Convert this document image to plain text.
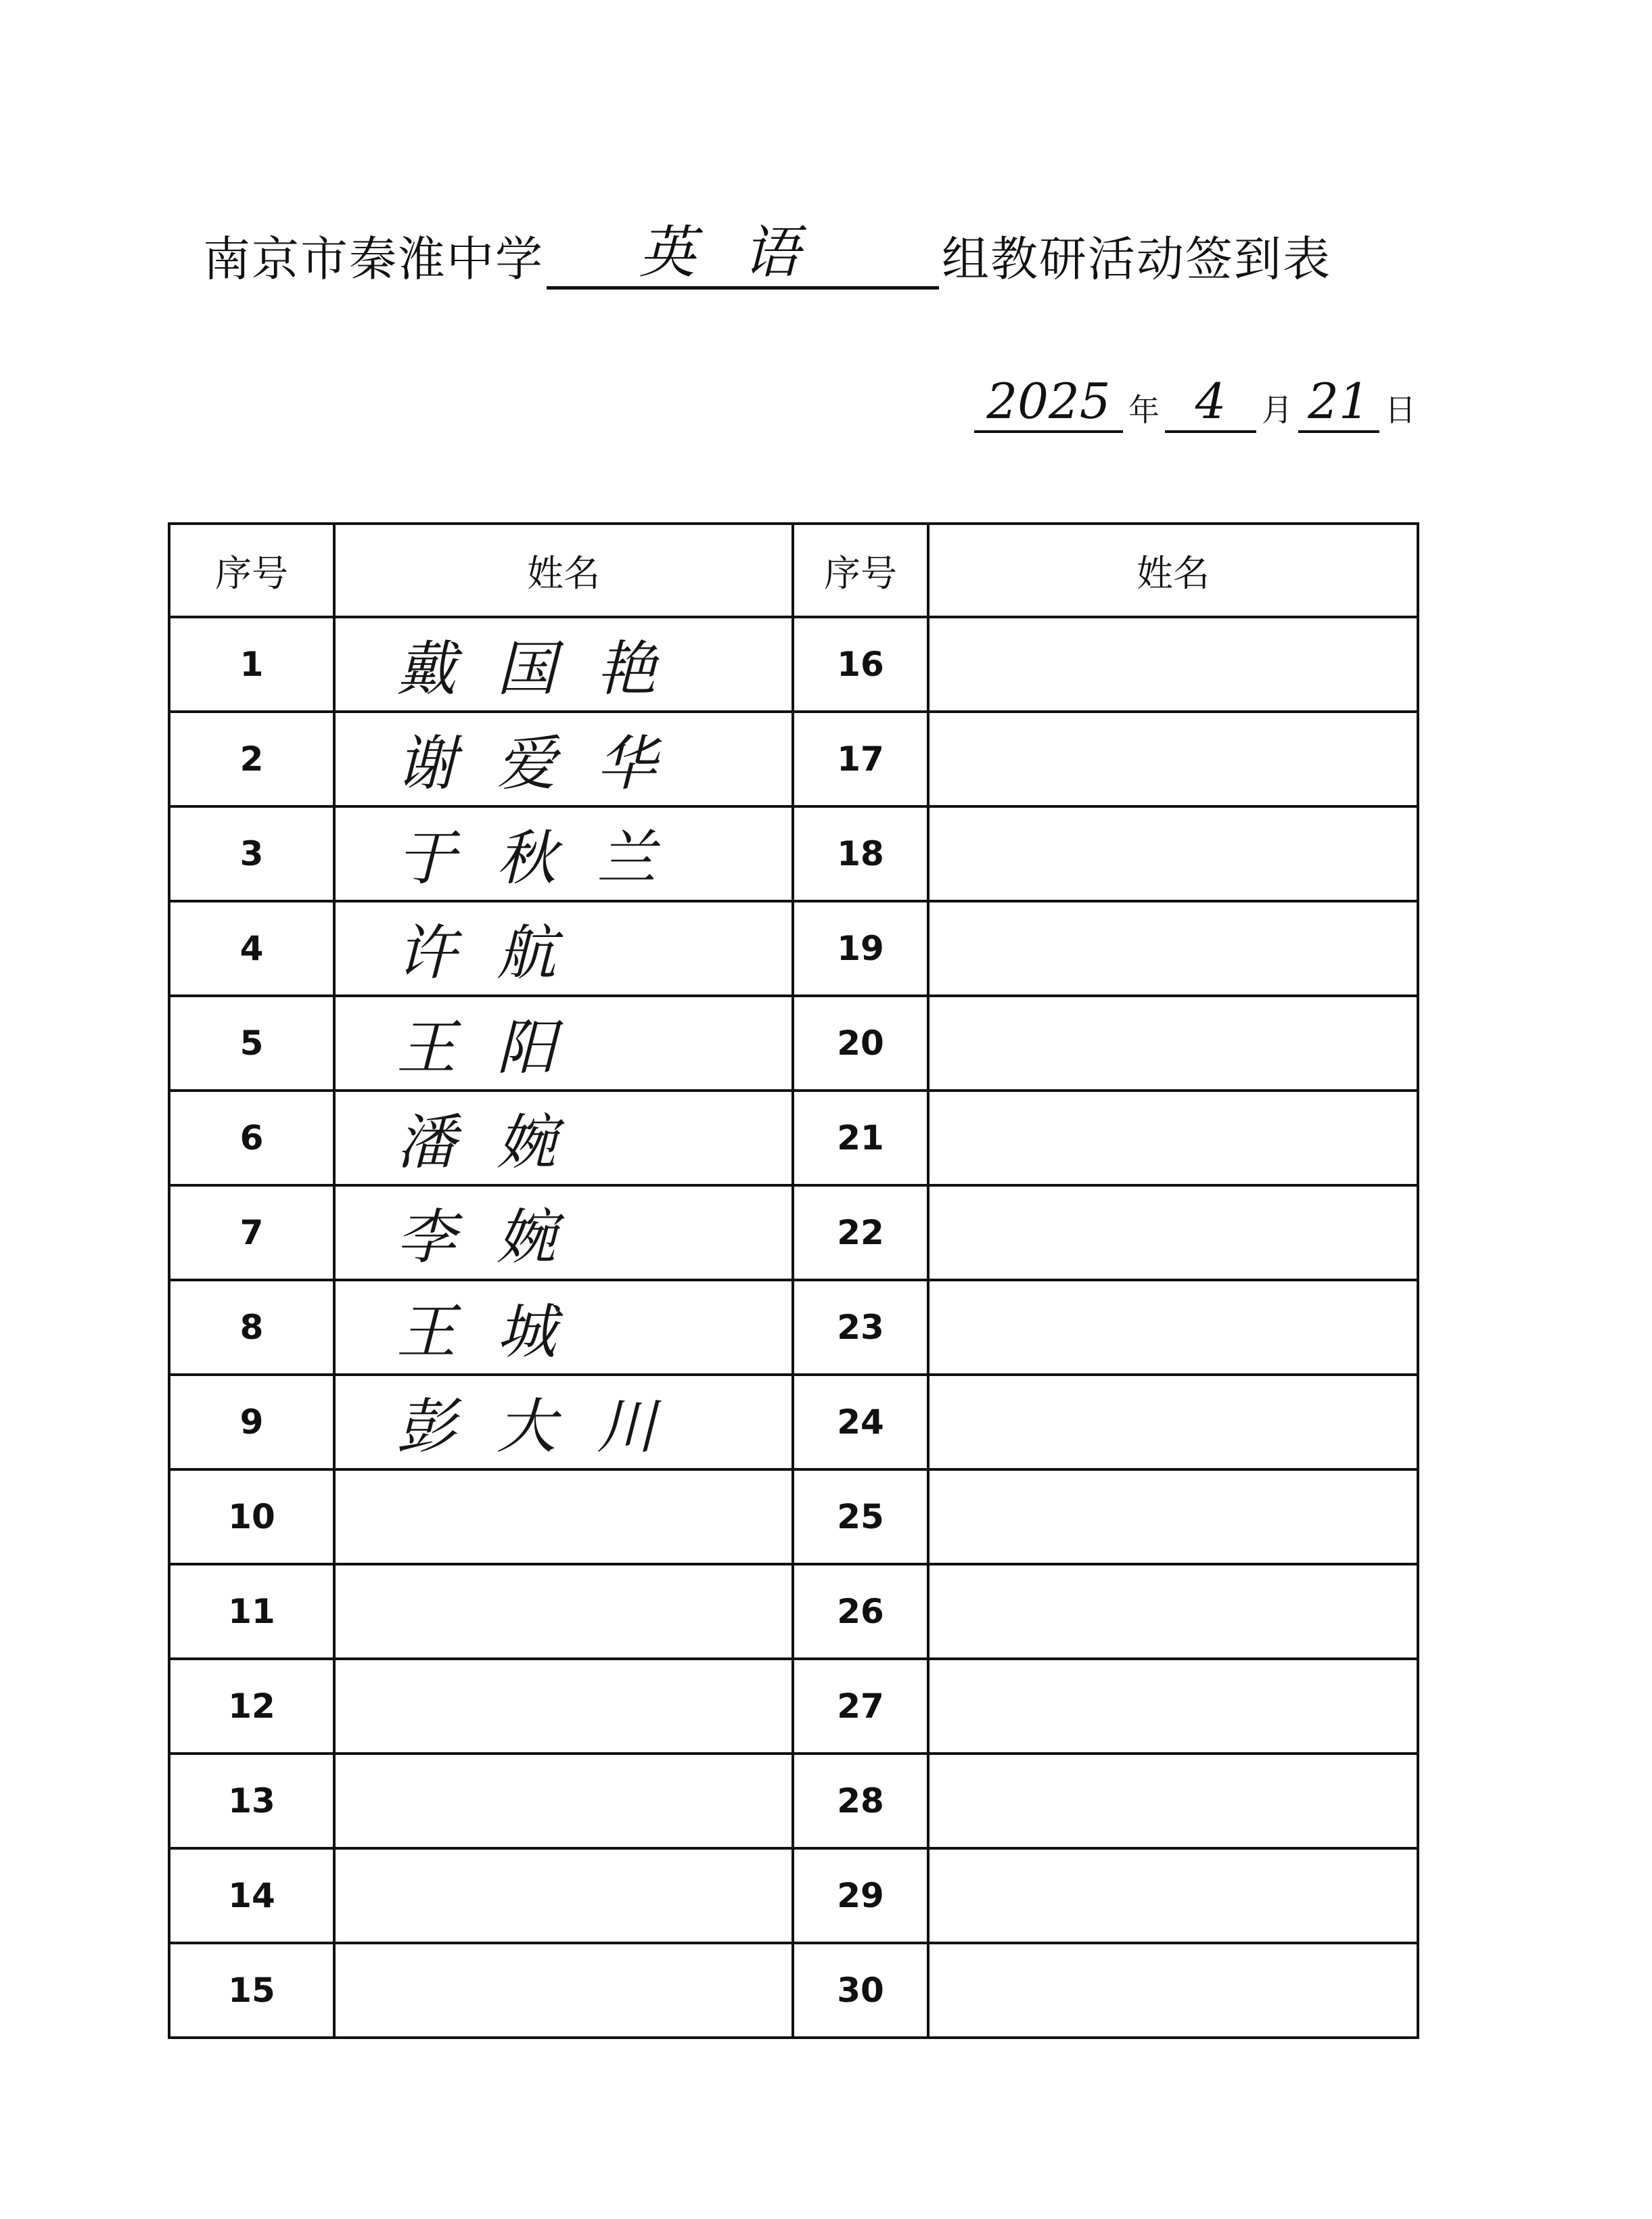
南京市秦淮中学	英语	组教研活动签到表
2025 年 4	月 21 日
序号	姓名	序号	姓名
1	戴国艳	16	
2	谢爱华	17	
3	于秋兰	18	
4	许航	19	
5	王阳	20	
6	潘婉	21	
7	李婉	22	
8	王城	23	
9	彭大川	24	
10		25	
11		26	
12		27	
13		28	
14		29	
15		30	
